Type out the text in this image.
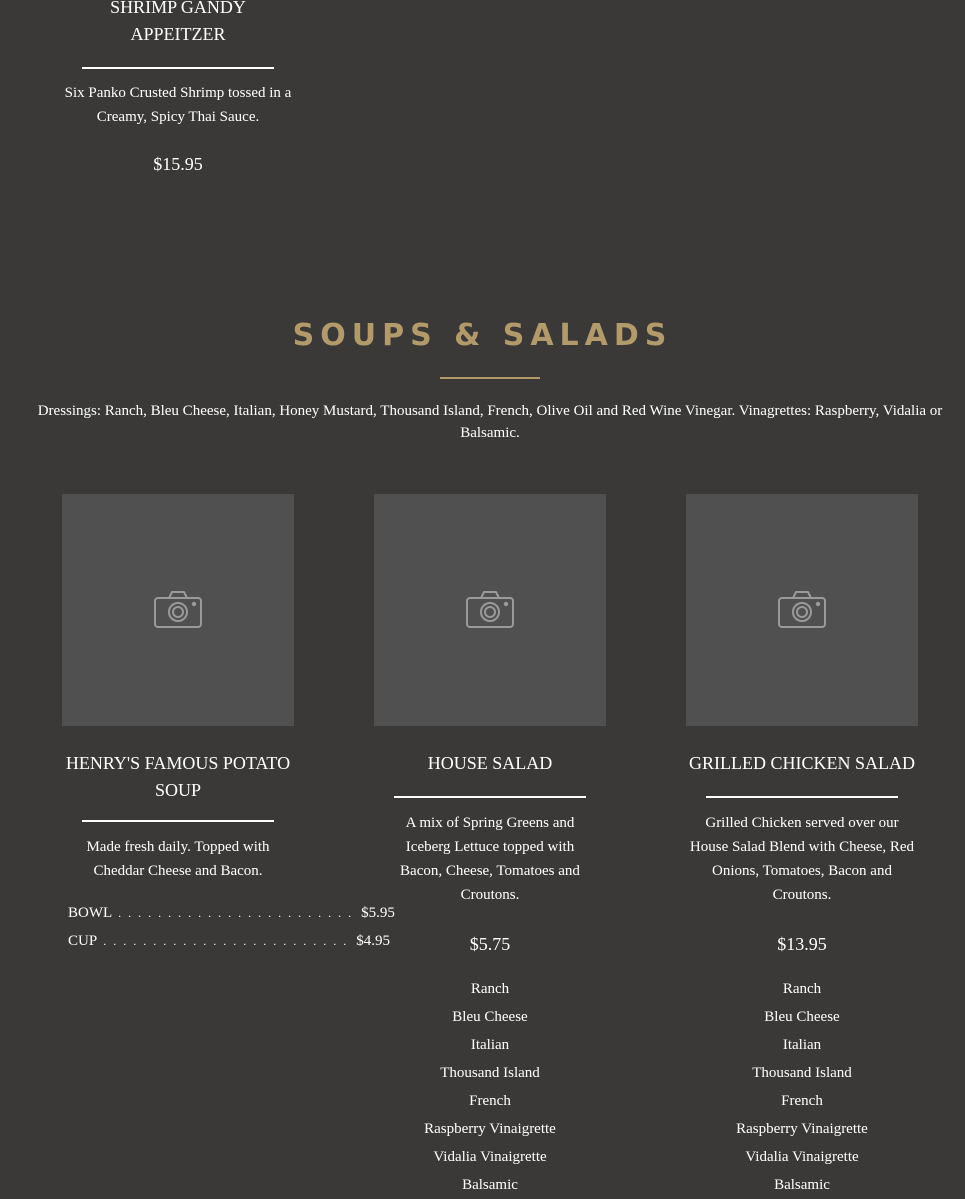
SHRIMP GANDY APPEITZER

Six Panko Crusted Shrimp tossed in a Creamy, Spicy Thai Sauce.

$15.95

SOUPS & SALADS

Dressings: Ranch, Bleu Cheese, Italian, Honey Mustard, Thousand Island, French, Olive Oil and Red Wine Vinegar. Vinagrettes: Raspberry, Vidalia or Balsamic.

HENRY'S FAMOUS POTATO SOUP

Made fresh daily. Topped with Cheddar Cheese and Bacon.

BOWL . . . . . . . . . . . . . . . . . . . . . . . . $5.95
CUP . . . . . . . . . . . . . . . . . . . . . . . . . $4.95
HOUSE SALAD

A mix of Spring Greens and Iceberg Lettuce topped with Bacon, Cheese, Tomatoes and Croutons.

$5.75

Ranch
Bleu Cheese
Italian
Thousand Island
French
Raspberry Vinaigrette
Vidalia Vinaigrette
Balsamic
GRILLED CHICKEN SALAD

Grilled Chicken served over our House Salad Blend with Cheese, Red Onions, Tomatoes, Bacon and Croutons.

$13.95

Ranch
Bleu Cheese
Italian
Thousand Island
French
Raspberry Vinaigrette
Vidalia Vinaigrette
Balsamic
